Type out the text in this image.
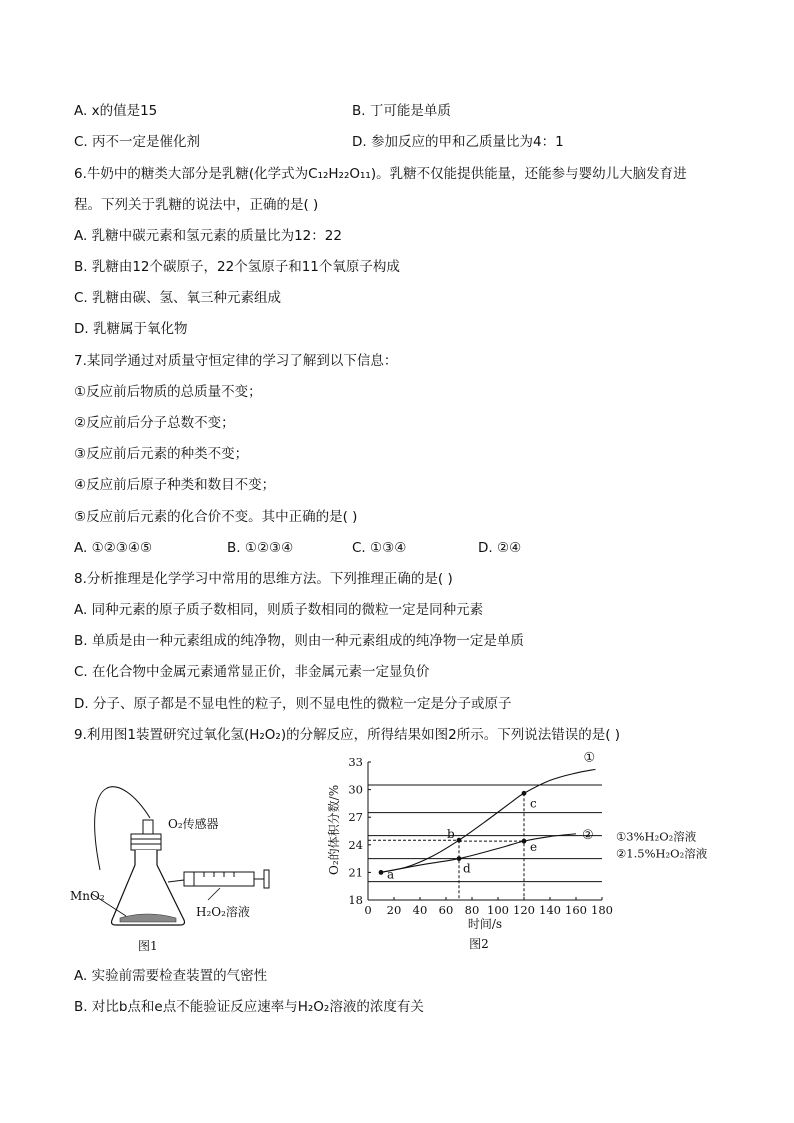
A. x的值是15	B. 丁可能是单质
C. 丙不一定是催化剂	D. 参加反应的甲和乙质量比为4：1
6.牛奶中的糖类大部分是乳糖(化学式为C₁₂H₂₂O₁₁)。乳糖不仅能提供能量，还能参与婴幼儿大脑发育进
程。下列关于乳糖的说法中，正确的是( )
A. 乳糖中碳元素和氢元素的质量比为12：22
B. 乳糖由12个碳原子，22个氢原子和11个氧原子构成
C. 乳糖由碳、氢、氧三种元素组成
D. 乳糖属于氧化物
7.某同学通过对质量守恒定律的学习了解到以下信息：
①反应前后物质的总质量不变；
②反应前后分子总数不变；
③反应前后元素的种类不变；
④反应前后原子种类和数目不变；
⑤反应前后元素的化合价不变。其中正确的是( )
A. ①②③④⑤	B. ①②③④	C. ①③④	D. ②④
8.分析推理是化学学习中常用的思维方法。下列推理正确的是( )
A. 同种元素的原子质子数相同，则质子数相同的微粒一定是同种元素
B. 单质是由一种元素组成的纯净物，则由一种元素组成的纯净物一定是单质
C. 在化合物中金属元素通常显正价，非金属元素一定显负价
D. 分子、原子都是不显电性的粒子，则不显电性的微粒一定是分子或原子
9.利用图1装置研究过氧化氢(H₂O₂)的分解反应，所得结果如图2所示。下列说法错误的是( )
O₂传感器
MnO₂
H₂O₂溶液
图1
0 20 40 60 80 100 120 140 160 180
18
21
24
27
30
33	①
②
a
b
c
d
e
O₂的体积分数/%
时间/s
图2
①3%H₂O₂溶液
②1.5%H₂O₂溶液
A. 实验前需要检查装置的气密性
B. 对比b点和e点不能验证反应速率与H₂O₂溶液的浓度有关
